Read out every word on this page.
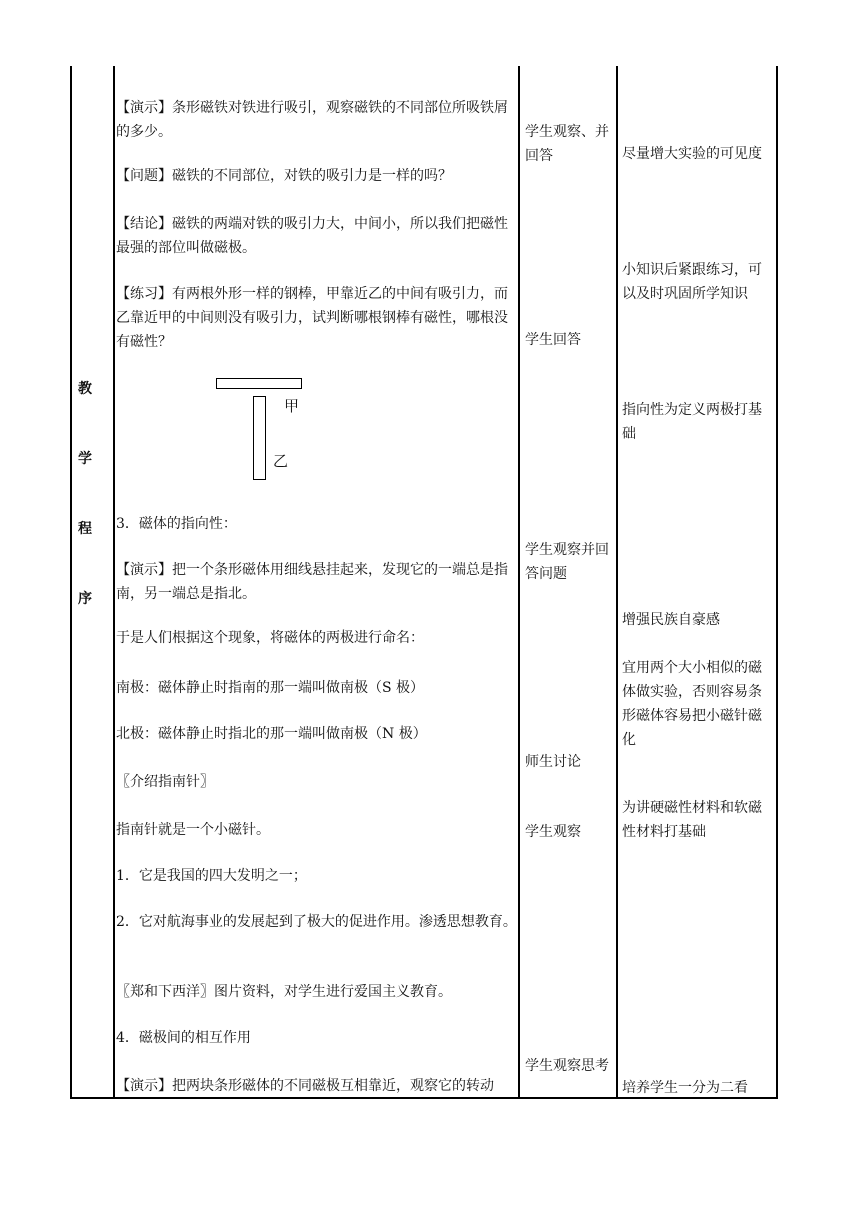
教
学
程
序
【演示】条形磁铁对铁进行吸引，观察磁铁的不同部位所吸铁屑的多少。
【问题】磁铁的不同部位，对铁的吸引力是一样的吗？
【结论】磁铁的两端对铁的吸引力大，中间小，所以我们把磁性最强的部位叫做磁极。
【练习】有两根外形一样的钢棒，甲靠近乙的中间有吸引力，而乙靠近甲的中间则没有吸引力，试判断哪根钢棒有磁性，哪根没有磁性？
甲
乙
3．磁体的指向性：
【演示】把一个条形磁体用细线悬挂起来，发现它的一端总是指南，另一端总是指北。
于是人们根据这个现象，将磁体的两极进行命名：
南极：磁体静止时指南的那一端叫做南极（S 极）
北极：磁体静止时指北的那一端叫做南极（N 极）
〖介绍指南针〗
指南针就是一个小磁针。
1．它是我国的四大发明之一；
2．它对航海事业的发展起到了极大的促进作用。渗透思想教育。
〖郑和下西洋〗图片资料，对学生进行爱国主义教育。
4．磁极间的相互作用
【演示】把两块条形磁体的不同磁极互相靠近，观察它的转动
学生观察、并回答
学生回答
学生观察并回答问题
师生讨论
学生观察
学生观察思考
尽量增大实验的可见度
小知识后紧跟练习，可以及时巩固所学知识
指向性为定义两极打基础
增强民族自豪感
宜用两个大小相似的磁体做实验，否则容易条形磁体容易把小磁针磁化
为讲硬磁性材料和软磁性材料打基础
培养学生一分为二看
